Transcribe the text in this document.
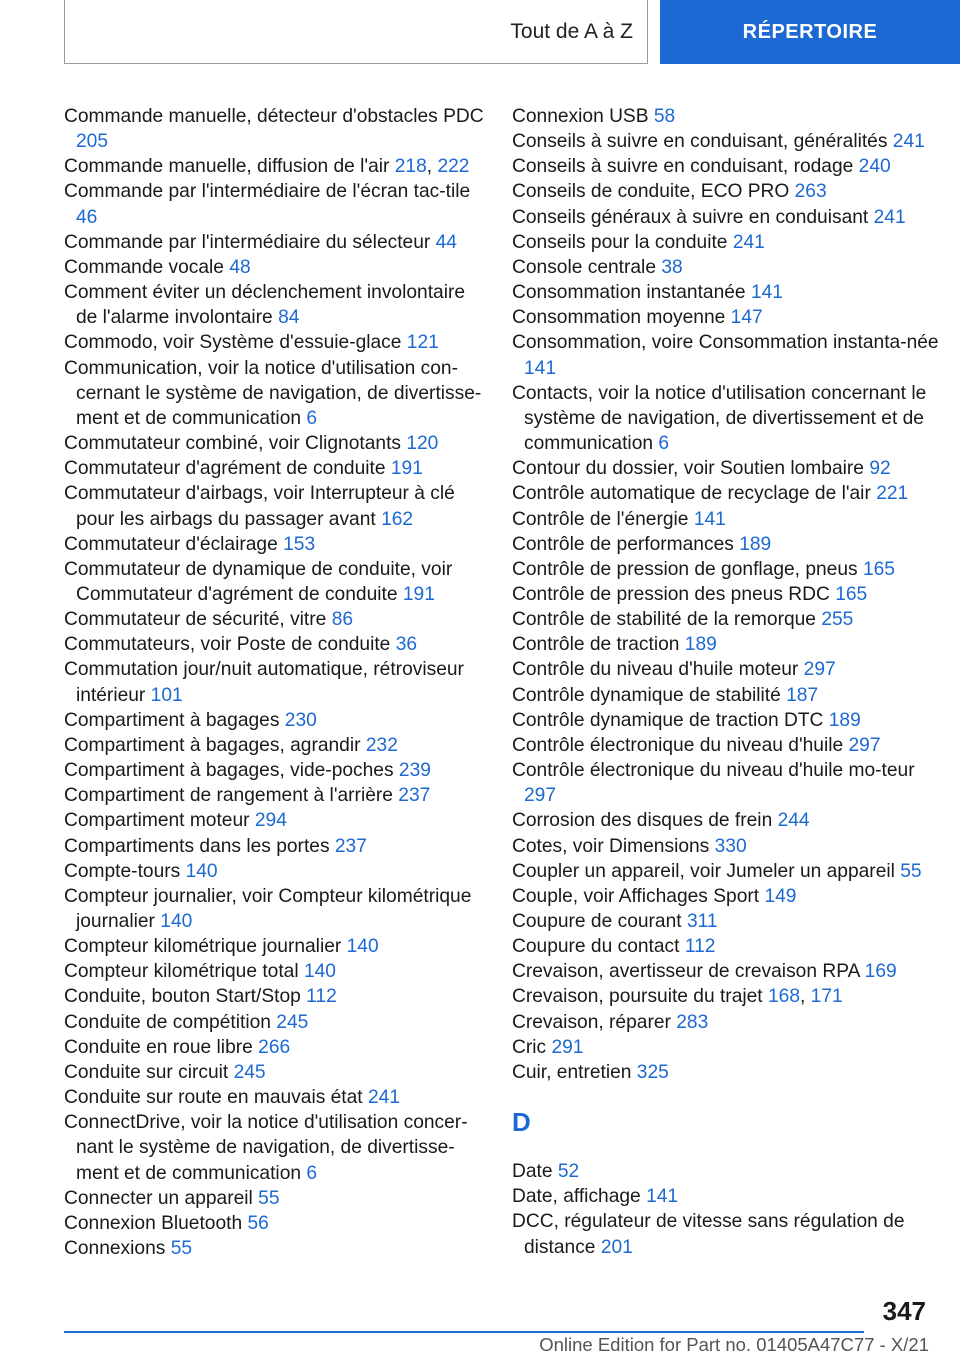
Tout de A à Z	RÉPERTOIRE

Commande manuelle, détecteur d'obstacles PDC 205

Commande manuelle, diffusion de l'air 218, 222

Commande par l'intermédiaire de l'écran tac-tile 46

Commande par l'intermédiaire du sélecteur 44

Commande vocale 48

Comment éviter un déclenchement involontaire de l'alarme involontaire 84

Commodo, voir Système d'essuie-glace 121

Communication, voir la notice d'utilisation con-cernant le système de navigation, de divertisse-ment et de communication 6

Commutateur combiné, voir Clignotants 120

Commutateur d'agrément de conduite 191

Commutateur d'airbags, voir Interrupteur à clé pour les airbags du passager avant 162

Commutateur d'éclairage 153

Commutateur de dynamique de conduite, voir Commutateur d'agrément de conduite 191

Commutateur de sécurité, vitre 86

Commutateurs, voir Poste de conduite 36

Commutation jour/nuit automatique, rétroviseur intérieur 101

Compartiment à bagages 230

Compartiment à bagages, agrandir 232

Compartiment à bagages, vide-poches 239

Compartiment de rangement à l'arrière 237

Compartiment moteur 294

Compartiments dans les portes 237

Compte-tours 140

Compteur journalier, voir Compteur kilométrique journalier 140

Compteur kilométrique journalier 140

Compteur kilométrique total 140

Conduite, bouton Start/Stop 112

Conduite de compétition 245

Conduite en roue libre 266

Conduite sur circuit 245

Conduite sur route en mauvais état 241

ConnectDrive, voir la notice d'utilisation concer-nant le système de navigation, de divertisse-ment et de communication 6

Connecter un appareil 55

Connexion Bluetooth 56

Connexions 55

Connexion USB 58

Conseils à suivre en conduisant, généralités 241

Conseils à suivre en conduisant, rodage 240

Conseils de conduite, ECO PRO 263

Conseils généraux à suivre en conduisant 241

Conseils pour la conduite 241

Console centrale 38

Consommation instantanée 141

Consommation moyenne 147

Consommation, voire Consommation instanta-née 141

Contacts, voir la notice d'utilisation concernant le système de navigation, de divertissement et de communication 6

Contour du dossier, voir Soutien lombaire 92

Contrôle automatique de recyclage de l'air 221

Contrôle de l'énergie 141

Contrôle de performances 189

Contrôle de pression de gonflage, pneus 165

Contrôle de pression des pneus RDC 165

Contrôle de stabilité de la remorque 255

Contrôle de traction 189

Contrôle du niveau d'huile moteur 297

Contrôle dynamique de stabilité 187

Contrôle dynamique de traction DTC 189

Contrôle électronique du niveau d'huile 297

Contrôle électronique du niveau d'huile mo-teur 297

Corrosion des disques de frein 244

Cotes, voir Dimensions 330

Coupler un appareil, voir Jumeler un appareil 55

Couple, voir Affichages Sport 149

Coupure de courant 311

Coupure du contact 112

Crevaison, avertisseur de crevaison RPA 169

Crevaison, poursuite du trajet 168, 171

Crevaison, réparer 283

Cric 291

Cuir, entretien 325

D

Date 52

Date, affichage 141

DCC, régulateur de vitesse sans régulation de distance 201

347
Online Edition for Part no. 01405A47C77 - X/21
